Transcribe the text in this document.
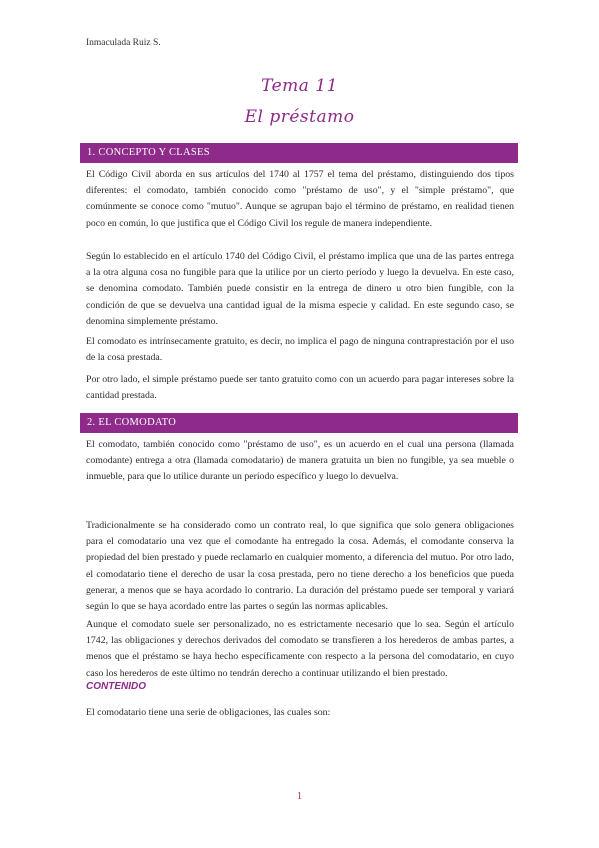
Inmaculada Ruiz S.
Tema 11
El préstamo
1. CONCEPTO Y CLASES

El Código Civil aborda en sus artículos del 1740 al 1757 el tema del préstamo, distinguiendo dos tipos diferentes: el comodato, también conocido como "préstamo de uso", y el "simple préstamo", que comúnmente se conoce como "mutuo". Aunque se agrupan bajo el término de préstamo, en realidad tienen poco en común, lo que justifica que el Código Civil los regule de manera independiente.

Según lo establecido en el artículo 1740 del Código Civil, el préstamo implica que una de las partes entrega a la otra alguna cosa no fungible para que la utilice por un cierto período y luego la devuelva. En este caso, se denomina comodato. También puede consistir en la entrega de dinero u otro bien fungible, con la condición de que se devuelva una cantidad igual de la misma especie y calidad. En este segundo caso, se denomina simplemente préstamo.

El comodato es intrínsecamente gratuito, es decir, no implica el pago de ninguna contraprestación por el uso de la cosa prestada.

Por otro lado, el simple préstamo puede ser tanto gratuito como con un acuerdo para pagar intereses sobre la cantidad prestada.

2. EL COMODATO

El comodato, también conocido como "préstamo de uso", es un acuerdo en el cual una persona (llamada comodante) entrega a otra (llamada comodatario) de manera gratuita un bien no fungible, ya sea mueble o inmueble, para que lo utilice durante un período específico y luego lo devuelva.

Tradicionalmente se ha considerado como un contrato real, lo que significa que solo genera obligaciones para el comodatario una vez que el comodante ha entregado la cosa. Además, el comodante conserva la propiedad del bien prestado y puede reclamarlo en cualquier momento, a diferencia del mutuo. Por otro lado, el comodatario tiene el derecho de usar la cosa prestada, pero no tiene derecho a los beneficios que pueda generar, a menos que se haya acordado lo contrario. La duración del préstamo puede ser temporal y variará según lo que se haya acordado entre las partes o según las normas aplicables.

Aunque el comodato suele ser personalizado, no es estrictamente necesario que lo sea. Según el artículo 1742, las obligaciones y derechos derivados del comodato se transfieren a los herederos de ambas partes, a menos que el préstamo se haya hecho específicamente con respecto a la persona del comodatario, en cuyo caso los herederos de este último no tendrán derecho a continuar utilizando el bien prestado.

CONTENIDO

El comodatario tiene una serie de obligaciones, las cuales son:

1
